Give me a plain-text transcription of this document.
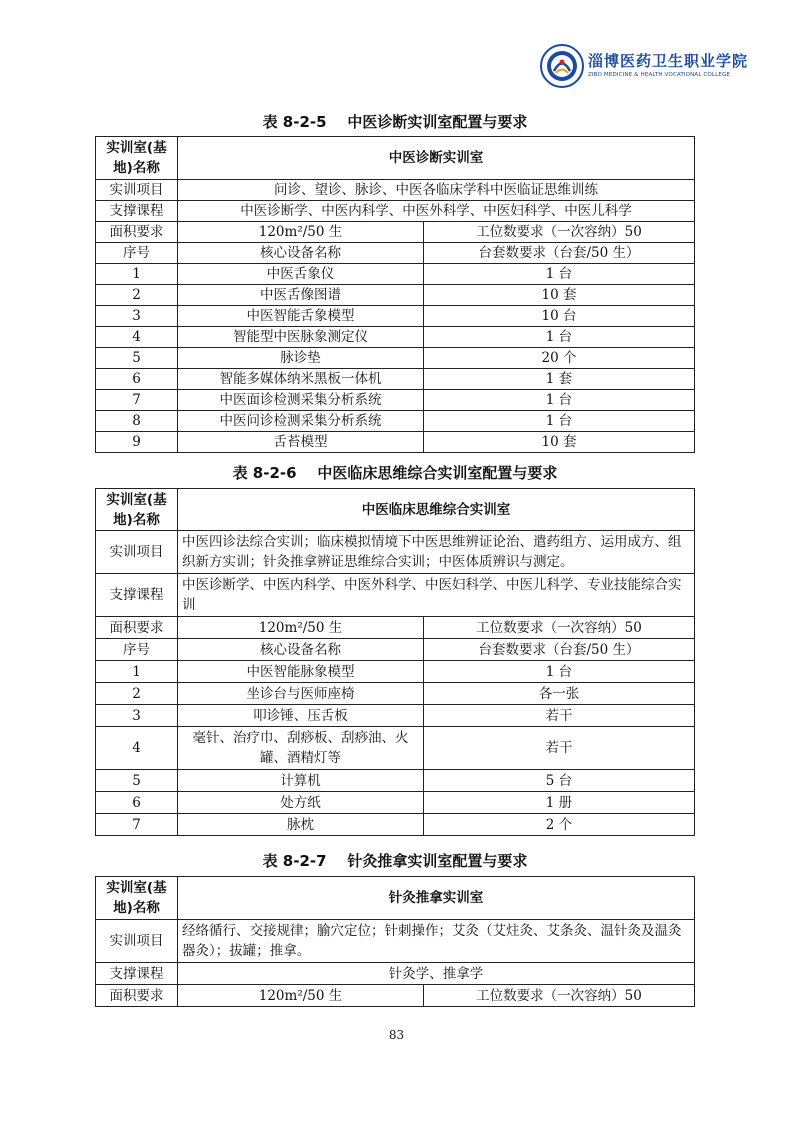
淄博医药卫生职业学院
ZIBO MEDICINE & HEALTH VOCATIONAL COLLEGE
表 8-2-5    中医诊断实训室配置与要求
实训室(基地)名称	中医诊断实训室	
实训项目	问诊、望诊、脉诊、中医各临床学科中医临证思维训练	
支撑课程	中医诊断学、中医内科学、中医外科学、中医妇科学、中医儿科学	
面积要求	120m²/50 生	工位数要求（一次容纳）50
序号	核心设备名称	台套数要求（台套/50 生）
1	中医舌象仪	1 台
2	中医舌像图谱	10 套
3	中医智能舌象模型	10 台
4	智能型中医脉象测定仪	1 台
5	脉诊垫	20 个
6	智能多媒体纳米黑板一体机	1 套
7	中医面诊检测采集分析系统	1 台
8	中医问诊检测采集分析系统	1 台
9	舌苔模型	10 套
表 8-2-6    中医临床思维综合实训室配置与要求
实训室(基地)名称	中医临床思维综合实训室	
实训项目	中医四诊法综合实训；临床模拟情境下中医思维辨证论治、遣药组方、运用成方、组织新方实训；针灸推拿辨证思维综合实训；中医体质辨识与测定。	
支撑课程	中医诊断学、中医内科学、中医外科学、中医妇科学、中医儿科学、专业技能综合实训	
面积要求	120m²/50 生	工位数要求（一次容纳）50
序号	核心设备名称	台套数要求（台套/50 生）
1	中医智能脉象模型	1 台
2	坐诊台与医师座椅	各一张
3	叩诊锤、压舌板	若干
4	毫针、治疗巾、刮痧板、刮痧油、火罐、酒精灯等	若干
5	计算机	5 台
6	处方纸	1 册
7	脉枕	2 个
表 8-2-7    针灸推拿实训室配置与要求
实训室(基地)名称	针灸推拿实训室	
实训项目	经络循行、交接规律；腧穴定位；针刺操作；艾灸（艾炷灸、艾条灸、温针灸及温灸器灸）；拔罐；推拿。	
支撑课程	针灸学、推拿学	
面积要求	120m²/50 生	工位数要求（一次容纳）50
83
